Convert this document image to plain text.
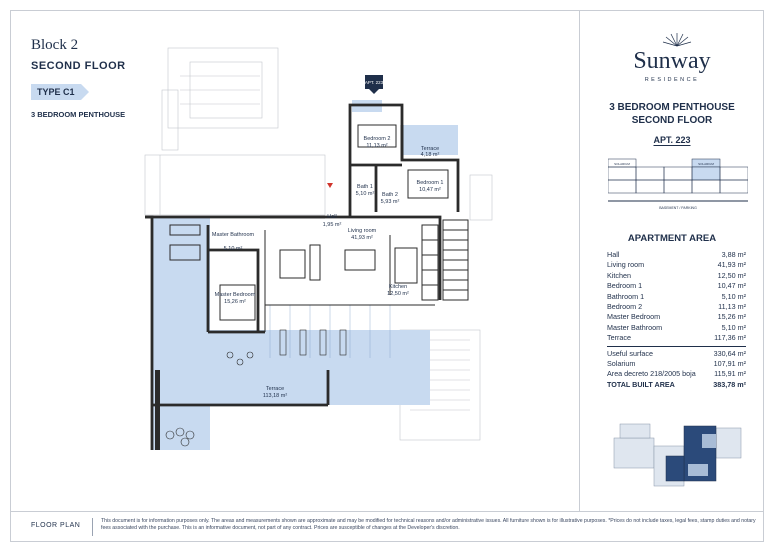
Block 2
SECOND FLOOR
TYPE C1
3 BEDROOM PENTHOUSE
APT. 223
Bedroom 2
11,13 m²	Terrace
4,18 m²
Bath 1
5,10 m² Bath 2
5,93 m²
Bedroom 1
10,47 m²
Hall
1,95 m²
Living room
41,93 m²
Master Bathroom
5,10 m²
Kitchen
12,50 m²
Master Bedroom
15,26 m²
Terrace
113,18 m²
Sunway
RESIDENCE
3 BEDROOM PENTHOUSE
SECOND FLOOR
APT. 223
SOLARIUM	SOLARIUM
BASEMENT / PARKING
APARTMENT AREA
Hall	3,88 m²
Living room	41,93 m²
Kitchen	12,50 m²
Bedroom 1	10,47 m²
Bathroom 1	5,10 m²
Bedroom 2	11,13 m²
Master Bedroom	15,26 m²
Master Bathroom	5,10 m²
Terrace	117,36 m²
Useful surface	330,64 m²
Solarium	107,91 m²
Area decreto 218/2005 boja	115,91 m²
TOTAL BUILT AREA	383,78 m²
FLOOR PLAN
This document is for information purposes only. The areas and measurements shown are approximate and may be modified for technical reasons and/or administrative issues. All furniture shown is for illustrative purposes. *Prices do not include taxes, legal fees, stamp duties and notary fees associated with the purchase. This is an informative document, not part of any contract. Prices are susceptible of changes at the Developer's discretion.
